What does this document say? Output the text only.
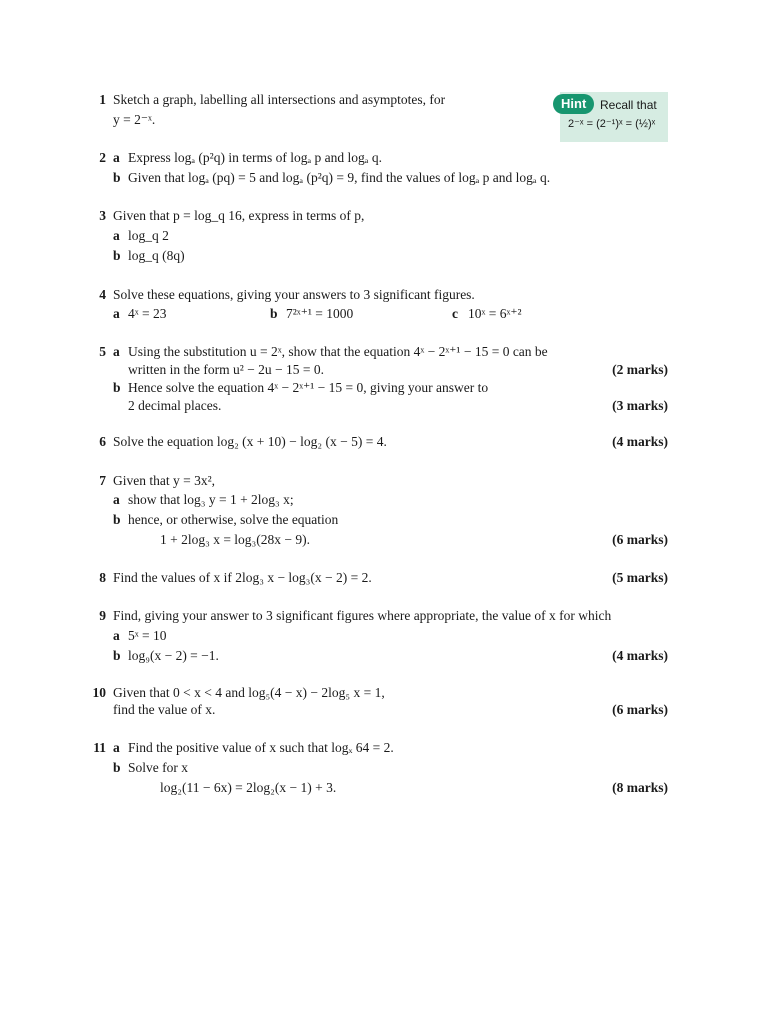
Hint	Recall that
2⁻ˣ = (2⁻¹)ˣ = (½)ˣ
1 Sketch a graph, labelling all intersections and asymptotes, for
y = 2⁻ˣ.
2 a Express logₐ (p²q) in terms of logₐ p and logₐ q.
b Given that logₐ (pq) = 5 and logₐ (p²q) = 9, find the values of logₐ p and logₐ q.
3 Given that p = log_q 16, express in terms of p,
a log_q 2
b log_q (8q)
4 Solve these equations, giving your answers to 3 significant figures.
a 4ˣ = 23	b 7²ˣ⁺¹ = 1000	c 10ˣ = 6ˣ⁺²
5 a Using the substitution u = 2ˣ, show that the equation 4ˣ − 2ˣ⁺¹ − 15 = 0 can be
written in the form u² − 2u − 15 = 0.	(2 marks)
b Hence solve the equation 4ˣ − 2ˣ⁺¹ − 15 = 0, giving your answer to
2 decimal places.	(3 marks)
6 Solve the equation log₂ (x + 10) − log₂ (x − 5) = 4.	(4 marks)
7 Given that y = 3x²,
a show that log₃ y = 1 + 2log₃ x;
b hence, or otherwise, solve the equation
1 + 2log₃ x = log₃(28x − 9).	(6 marks)
8 Find the values of x if 2log₃ x − log₃(x − 2) = 2.	(5 marks)
9 Find, giving your answer to 3 significant figures where appropriate, the value of x for which
a 5ˣ = 10
b log₉(x − 2) = −1.	(4 marks)
10 Given that 0 < x < 4 and log₅(4 − x) − 2log₅ x = 1,
find the value of x.	(6 marks)
11 a Find the positive value of x such that logₓ 64 = 2.
b Solve for x
log₂(11 − 6x) = 2log₂(x − 1) + 3.	(8 marks)
